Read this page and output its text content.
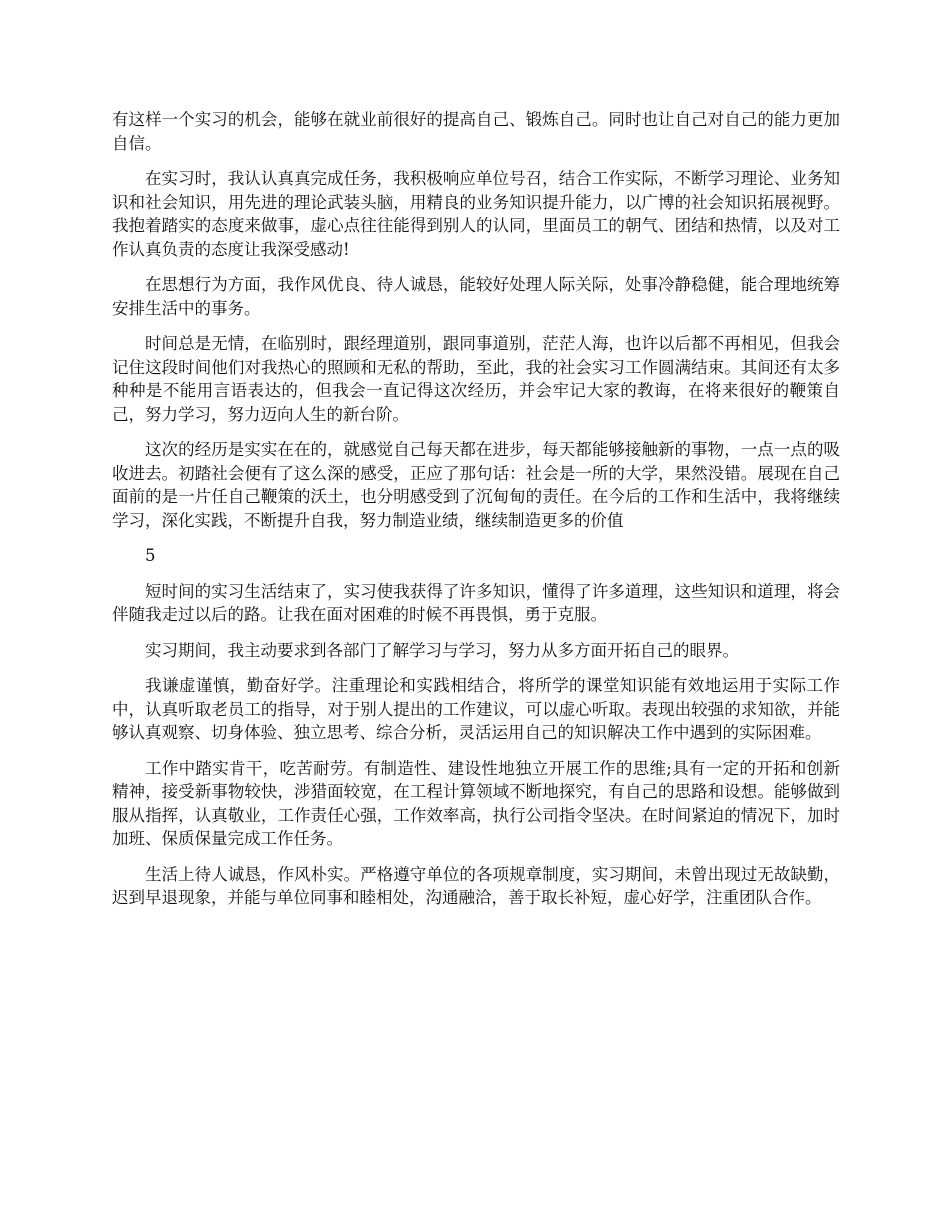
有这样一个实习的机会，能够在就业前很好的提高自己、锻炼自己。同时也让自己对自己的能力更加自信。

在实习时，我认认真真完成任务，我积极响应单位号召，结合工作实际，不断学习理论、业务知识和社会知识，用先进的理论武装头脑，用精良的业务知识提升能力，以广博的社会知识拓展视野。我抱着踏实的态度来做事，虚心点往往能得到别人的认同，里面员工的朝气、团结和热情，以及对工作认真负责的态度让我深受感动!

在思想行为方面，我作风优良、待人诚恳，能较好处理人际关际，处事冷静稳健，能合理地统筹安排生活中的事务。

时间总是无情，在临别时，跟经理道别，跟同事道别，茫茫人海，也许以后都不再相见，但我会记住这段时间他们对我热心的照顾和无私的帮助，至此，我的社会实习工作圆满结束。其间还有太多种种是不能用言语表达的，但我会一直记得这次经历，并会牢记大家的教诲，在将来很好的鞭策自己，努力学习，努力迈向人生的新台阶。

这次的经历是实实在在的，就感觉自己每天都在进步，每天都能够接触新的事物，一点一点的吸收进去。初踏社会便有了这么深的感受，正应了那句话：社会是一所的大学，果然没错。展现在自己面前的是一片任自己鞭策的沃土，也分明感受到了沉甸甸的责任。在今后的工作和生活中，我将继续学习，深化实践，不断提升自我，努力制造业绩，继续制造更多的价值

5

短时间的实习生活结束了，实习使我获得了许多知识，懂得了许多道理，这些知识和道理，将会伴随我走过以后的路。让我在面对困难的时候不再畏惧，勇于克服。

实习期间，我主动要求到各部门了解学习与学习，努力从多方面开拓自己的眼界。

我谦虚谨慎，勤奋好学。注重理论和实践相结合，将所学的课堂知识能有效地运用于实际工作中，认真听取老员工的指导，对于别人提出的工作建议，可以虚心听取。表现出较强的求知欲，并能够认真观察、切身体验、独立思考、综合分析，灵活运用自己的知识解决工作中遇到的实际困难。

工作中踏实肯干，吃苦耐劳。有制造性、建设性地独立开展工作的思维;具有一定的开拓和创新精神，接受新事物较快，涉猎面较宽，在工程计算领域不断地探究，有自己的思路和设想。能够做到服从指挥，认真敬业，工作责任心强，工作效率高，执行公司指令坚决。在时间紧迫的情况下，加时加班、保质保量完成工作任务。

生活上待人诚恳，作风朴实。严格遵守单位的各项规章制度，实习期间，未曾出现过无故缺勤，迟到早退现象，并能与单位同事和睦相处，沟通融洽，善于取长补短，虚心好学，注重团队合作。
